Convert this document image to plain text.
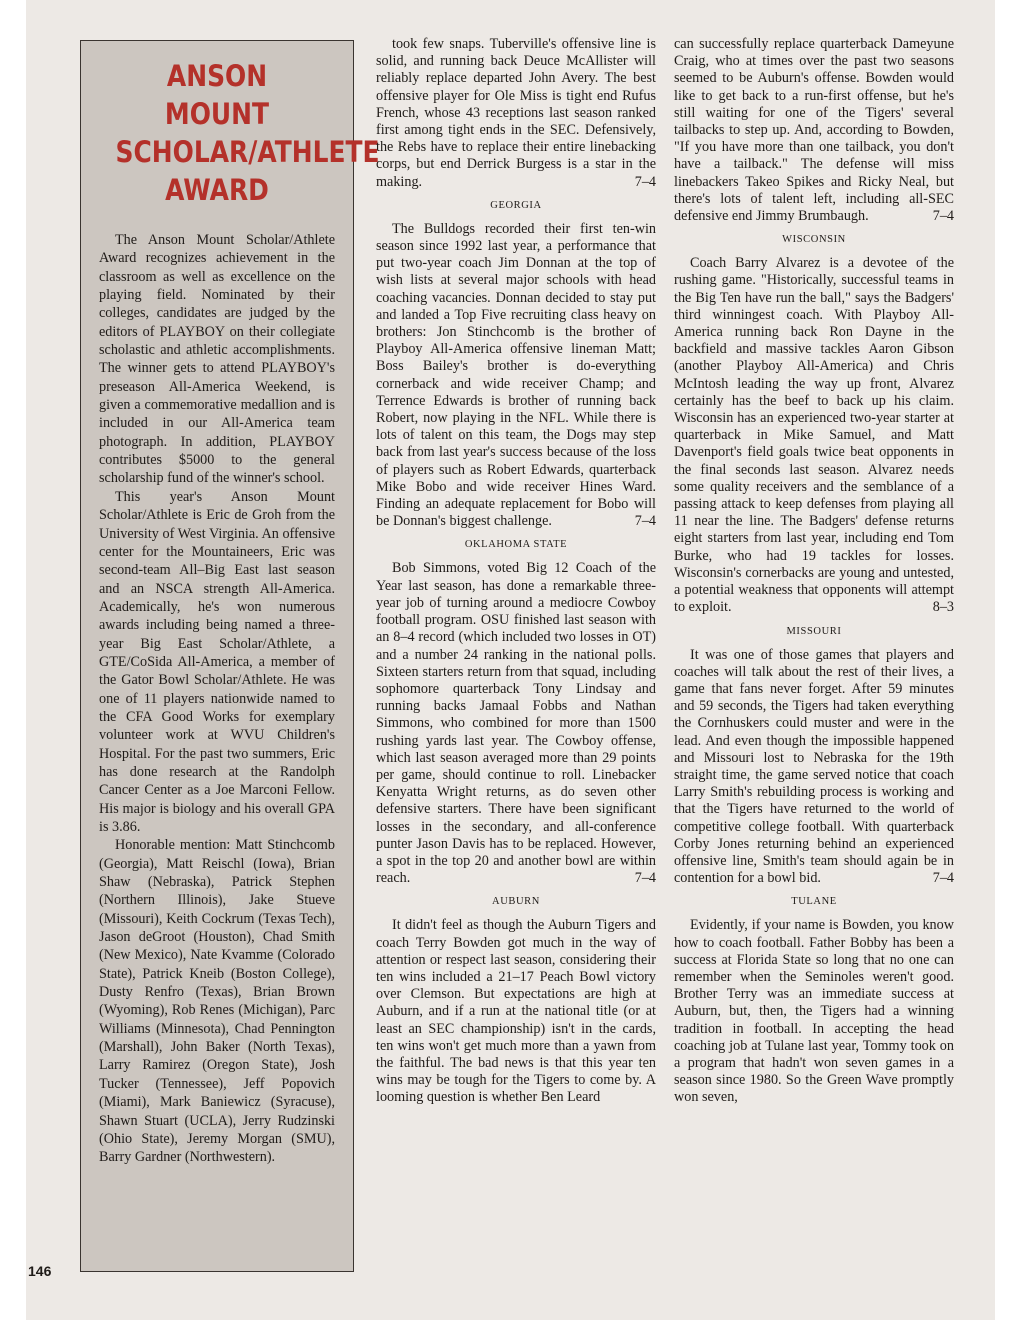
ANSON MOUNT SCHOLAR/ATHLETE AWARD

The Anson Mount Scholar/Athlete Award recognizes achievement in the classroom as well as excellence on the playing field. Nominated by their colleges, candidates are judged by the editors of PLAYBOY on their collegiate scholastic and athletic accomplishments. The winner gets to attend PLAYBOY's preseason All-America Weekend, is given a commemorative medallion and is included in our All-America team photograph. In addition, PLAYBOY contributes $5000 to the general scholarship fund of the winner's school.

This year's Anson Mount Scholar/Athlete is Eric de Groh from the University of West Virginia. An offensive center for the Mountaineers, Eric was second-team All–Big East last season and an NSCA strength All-America. Academically, he's won numerous awards including being named a three-year Big East Scholar/Athlete, a GTE/CoSida All-America, a member of the Gator Bowl Scholar/Athlete. He was one of 11 players nationwide named to the CFA Good Works for exemplary volunteer work at WVU Children's Hospital. For the past two summers, Eric has done research at the Randolph Cancer Center as a Joe Marconi Fellow. His major is biology and his overall GPA is 3.86.

Honorable mention: Matt Stinchcomb (Georgia), Matt Reischl (Iowa), Brian Shaw (Nebraska), Patrick Stephen (Northern Illinois), Jake Stueve (Missouri), Keith Cockrum (Texas Tech), Jason deGroot (Houston), Chad Smith (New Mexico), Nate Kvamme (Colorado State), Patrick Kneib (Boston College), Dusty Renfro (Texas), Brian Brown (Wyoming), Rob Renes (Michigan), Parc Williams (Minnesota), Chad Pennington (Marshall), John Baker (North Texas), Larry Ramirez (Oregon State), Josh Tucker (Tennessee), Jeff Popovich (Miami), Mark Baniewicz (Syracuse), Shawn Stuart (UCLA), Jerry Rudzinski (Ohio State), Jeremy Morgan (SMU), Barry Gardner (Northwestern).

took few snaps. Tuberville's offensive line is solid, and running back Deuce McAllister will reliably replace departed John Avery. The best offensive player for Ole Miss is tight end Rufus French, whose 43 receptions last season ranked first among tight ends in the SEC. Defensively, the Rebs have to replace their entire linebacking corps, but end Derrick Burgess is a star in the making.	7–4

GEORGIA

The Bulldogs recorded their first ten-win season since 1992 last year, a performance that put two-year coach Jim Donnan at the top of wish lists at several major schools with head coaching vacancies. Donnan decided to stay put and landed a Top Five recruiting class heavy on brothers: Jon Stinchcomb is the brother of Playboy All-America offensive lineman Matt; Boss Bailey's brother is do-everything cornerback and wide receiver Champ; and Terrence Edwards is brother of running back Robert, now playing in the NFL. While there is lots of talent on this team, the Dogs may step back from last year's success because of the loss of players such as Robert Edwards, quarterback Mike Bobo and wide receiver Hines Ward. Finding an adequate replacement for Bobo will be Donnan's biggest challenge.	7–4

OKLAHOMA STATE

Bob Simmons, voted Big 12 Coach of the Year last season, has done a remarkable three-year job of turning around a mediocre Cowboy football program. OSU finished last season with an 8–4 record (which included two losses in OT) and a number 24 ranking in the national polls. Sixteen starters return from that squad, including sophomore quarterback Tony Lindsay and running backs Jamaal Fobbs and Nathan Simmons, who combined for more than 1500 rushing yards last year. The Cowboy offense, which last season averaged more than 29 points per game, should continue to roll. Linebacker Kenyatta Wright returns, as do seven other defensive starters. There have been significant losses in the secondary, and all-conference punter Jason Davis has to be replaced. However, a spot in the top 20 and another bowl are within reach.	7–4

AUBURN

It didn't feel as though the Auburn Tigers and coach Terry Bowden got much in the way of attention or respect last season, considering their ten wins included a 21–17 Peach Bowl victory over Clemson. But expectations are high at Auburn, and if a run at the national title (or at least an SEC championship) isn't in the cards, ten wins won't get much more than a yawn from the faithful. The bad news is that this year ten wins may be tough for the Tigers to come by. A looming question is whether Ben Leard

can successfully replace quarterback Dameyune Craig, who at times over the past two seasons seemed to be Auburn's offense. Bowden would like to get back to a run-first offense, but he's still waiting for one of the Tigers' several tailbacks to step up. And, according to Bowden, "If you have more than one tailback, you don't have a tailback." The defense will miss linebackers Takeo Spikes and Ricky Neal, but there's lots of talent left, including all-SEC defensive end Jimmy Brumbaugh.	7–4

WISCONSIN

Coach Barry Alvarez is a devotee of the rushing game. "Historically, successful teams in the Big Ten have run the ball," says the Badgers' third winningest coach. With Playboy All-America running back Ron Dayne in the backfield and massive tackles Aaron Gibson (another Playboy All-America) and Chris McIntosh leading the way up front, Alvarez certainly has the beef to back up his claim. Wisconsin has an experienced two-year starter at quarterback in Mike Samuel, and Matt Davenport's field goals twice beat opponents in the final seconds last season. Alvarez needs some quality receivers and the semblance of a passing attack to keep defenses from playing all 11 near the line. The Badgers' defense returns eight starters from last year, including end Tom Burke, who had 19 tackles for losses. Wisconsin's cornerbacks are young and untested, a potential weakness that opponents will attempt to exploit.	8–3

MISSOURI

It was one of those games that players and coaches will talk about the rest of their lives, a game that fans never forget. After 59 minutes and 59 seconds, the Tigers had taken everything the Cornhuskers could muster and were in the lead. And even though the impossible happened and Missouri lost to Nebraska for the 19th straight time, the game served notice that coach Larry Smith's rebuilding process is working and that the Tigers have returned to the world of competitive college football. With quarterback Corby Jones returning behind an experienced offensive line, Smith's team should again be in contention for a bowl bid.	7–4

TULANE

Evidently, if your name is Bowden, you know how to coach football. Father Bobby has been a success at Florida State so long that no one can remember when the Seminoles weren't good. Brother Terry was an immediate success at Auburn, but, then, the Tigers had a winning tradition in football. In accepting the head coaching job at Tulane last year, Tommy took on a program that hadn't won seven games in a season since 1980. So the Green Wave promptly won seven,

146
